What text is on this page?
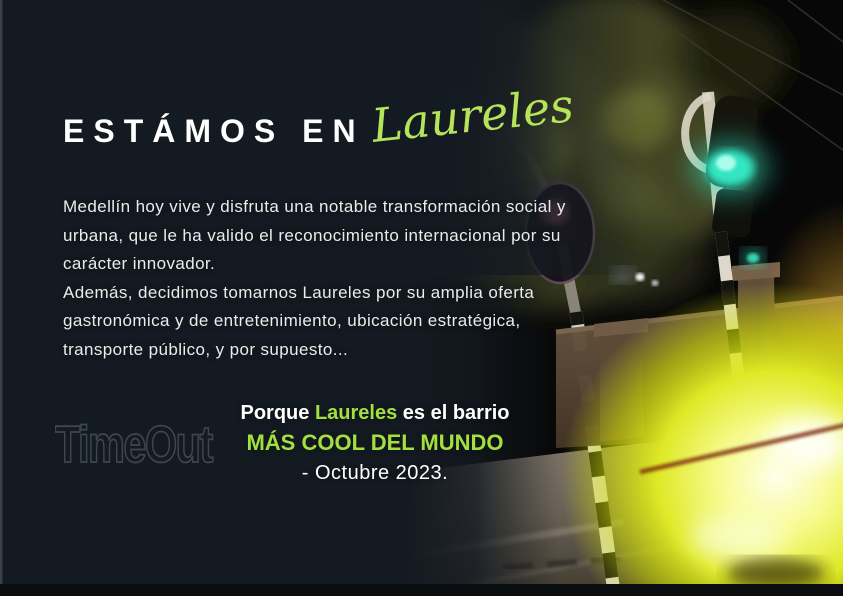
ESTÁMOS EN Laureles
Medellín hoy vive y disfruta una notable transformación social y
urbana, que le ha valido el reconocimiento internacional por su
carácter innovador.
Además, decidimos tomarnos Laureles por su amplia oferta
gastronómica y de entretenimiento, ubicación estratégica,
transporte público, y por supuesto...
TimeOut
Porque Laureles es el barrio
MÁS COOL DEL MUNDO
- Octubre 2023.
